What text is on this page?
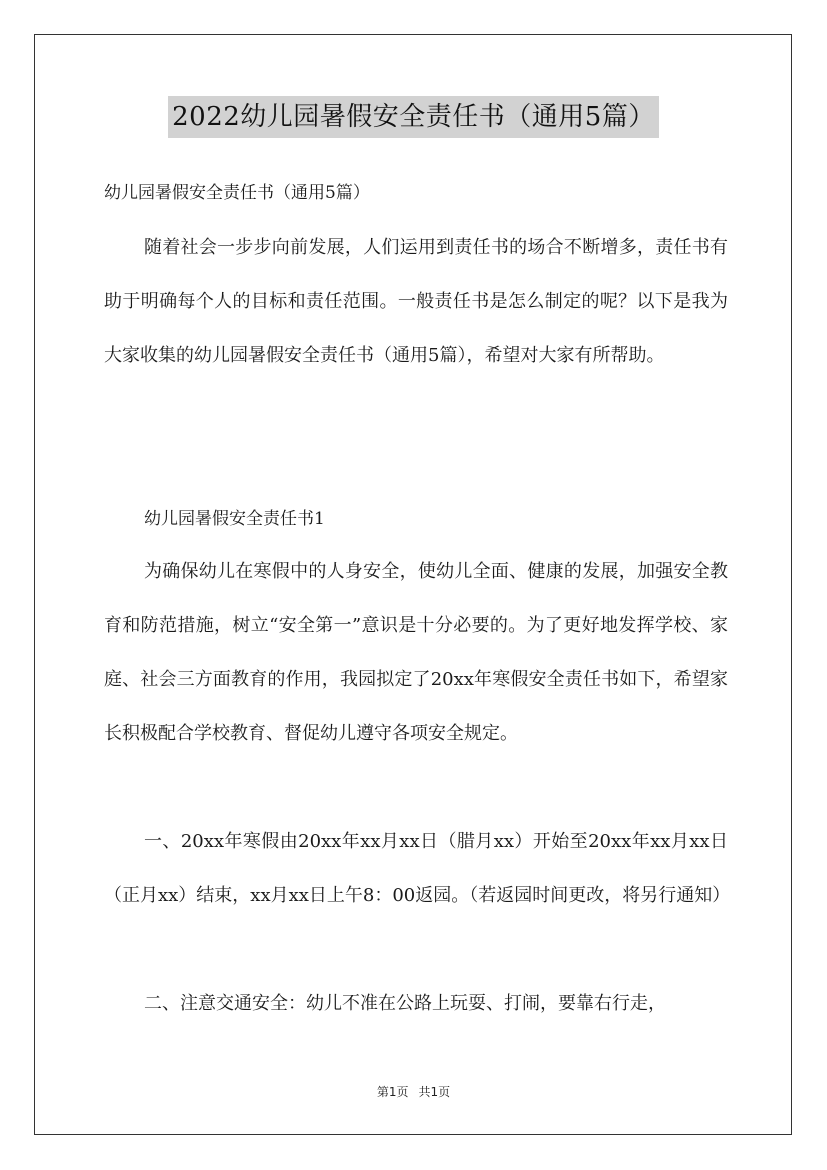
2022幼儿园暑假安全责任书（通用5篇）
幼儿园暑假安全责任书（通用5篇）
随着社会一步步向前发展，人们运用到责任书的场合不断增多，责任书有助于明确每个人的目标和责任范围。一般责任书是怎么制定的呢？以下是我为大家收集的幼儿园暑假安全责任书（通用5篇），希望对大家有所帮助。
幼儿园暑假安全责任书1
为确保幼儿在寒假中的人身安全，使幼儿全面、健康的发展，加强安全教育和防范措施，树立“安全第一”意识是十分必要的。为了更好地发挥学校、家庭、社会三方面教育的作用，我园拟定了20xx年寒假安全责任书如下，希望家长积极配合学校教育、督促幼儿遵守各项安全规定。
一、20xx年寒假由20xx年xx月xx日（腊月xx）开始至20xx年xx月xx日（正月xx）结束，xx月xx日上午8：00返园。（若返园时间更改，将另行通知）
二、注意交通安全：幼儿不准在公路上玩耍、打闹，要靠右行走，
第1页 共1页
